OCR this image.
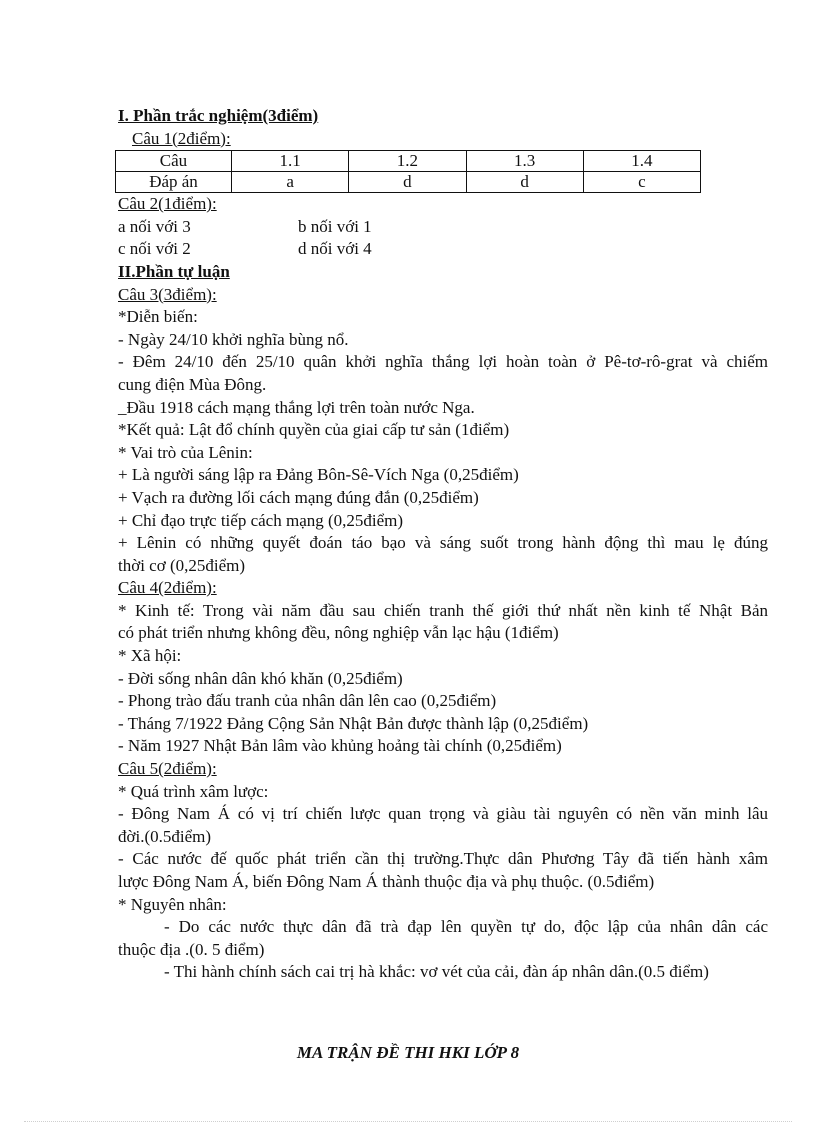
I. Phần trắc nghiệm(3điểm)
Câu 1(2điểm):
Câu	1.1	1.2	1.3	1.4
Đáp án	a	d	d	c
Câu 2(1điểm):
a nối với 3	b nối với 1
c nối với 2	d nối với 4
II.Phần tự luận
Câu 3(3điểm):
*Diễn biến:
- Ngày 24/10 khởi nghĩa bùng nổ.
- Đêm 24/10 đến 25/10 quân khởi nghĩa thắng lợi hoàn toàn ở Pê-tơ-rô-grat và chiếm
cung điện Mùa Đông.
_Đầu 1918 cách mạng thắng lợi trên toàn nước Nga.
*Kết quả: Lật đổ chính quyền của giai cấp tư sản (1điểm)
* Vai trò của Lênin:
+ Là người sáng lập ra Đảng Bôn-Sê-Vích Nga (0,25điểm)
+ Vạch ra đường lối cách mạng đúng đắn (0,25điểm)
+ Chỉ đạo trực tiếp cách mạng (0,25điểm)
+ Lênin có những quyết đoán táo bạo và sáng suốt trong hành động thì mau lẹ đúng
thời cơ (0,25điểm)
Câu 4(2điểm):
* Kinh tế: Trong vài năm đầu sau chiến tranh thế giới thứ nhất nền kinh tế Nhật Bản
có phát triển nhưng không đều, nông nghiệp vẫn lạc hậu (1điểm)
* Xã hội:
- Đời sống nhân dân khó khăn (0,25điểm)
- Phong trào đấu tranh của nhân dân lên cao (0,25điểm)
- Tháng 7/1922 Đảng Cộng Sản Nhật Bản được thành lập (0,25điểm)
- Năm 1927 Nhật Bản lâm vào khủng hoảng tài chính (0,25điểm)
Câu 5(2điểm):
* Quá trình xâm lược:
- Đông Nam Á có vị trí chiến lược quan trọng và giàu tài nguyên có nền văn minh lâu
đời.(0.5điểm)
- Các nước đế quốc phát triển cần thị trường.Thực dân Phương Tây đã tiến hành xâm
lược Đông Nam Á, biến Đông Nam Á thành thuộc địa và phụ thuộc. (0.5điểm)
* Nguyên nhân:
- Do các nước thực dân đã trà đạp lên quyền tự do, độc lập của nhân dân các
thuộc địa .(0. 5 điểm)
- Thi hành chính sách cai trị hà khắc: vơ vét của cải, đàn áp nhân dân.(0.5 điểm)
MA TRẬN ĐỀ THI HKI LỚP 8
